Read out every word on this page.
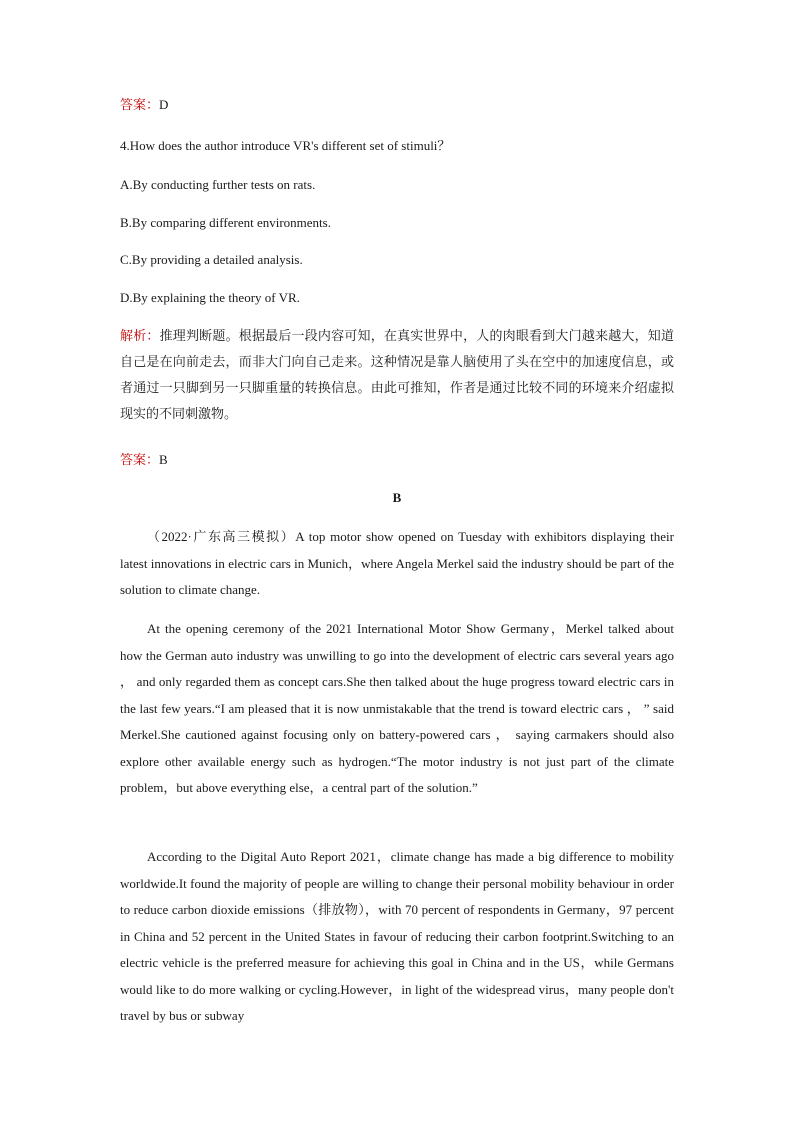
答案：D
4.How does the author introduce VR's different set of stimuli？
A.By conducting further tests on rats.
B.By comparing different environments.
C.By providing a detailed analysis.
D.By explaining the theory of VR.
解析：推理判断题。根据最后一段内容可知，在真实世界中，人的肉眼看到大门越来越大，知道自己是在向前走去，而非大门向自己走来。这种情况是靠人脑使用了头在空中的加速度信息，或者通过一只脚到另一只脚重量的转换信息。由此可推知，作者是通过比较不同的环境来介绍虚拟现实的不同刺激物。
答案：B
B
（2022·广东高三模拟）A top motor show opened on Tuesday with exhibitors displaying their latest innovations in electric cars in Munich，where Angela Merkel said the industry should be part of the solution to climate change.
At the opening ceremony of the 2021 International Motor Show Germany，Merkel talked about how the German auto industry was unwilling to go into the development of electric cars several years ago ， and only regarded them as concept cars.She then talked about the huge progress toward electric cars in the last few years.“I am pleased that it is now unmistakable that the trend is toward electric cars ， ” said Merkel.She cautioned against focusing only on battery-powered cars ， saying carmakers should also explore other available energy such as hydrogen.“The motor industry is not just part of the climate problem，but above everything else，a central part of the solution.”
According to the Digital Auto Report 2021，climate change has made a big difference to mobility worldwide.It found the majority of people are willing to change their personal mobility behaviour in order to reduce carbon dioxide emissions（排放物），with 70 percent of respondents in Germany，97 percent in China and 52 percent in the United States in favour of reducing their carbon footprint.Switching to an electric vehicle is the preferred measure for achieving this goal in China and in the US，while Germans would like to do more walking or cycling.However，in light of the widespread virus，many people don't travel by bus or subway
